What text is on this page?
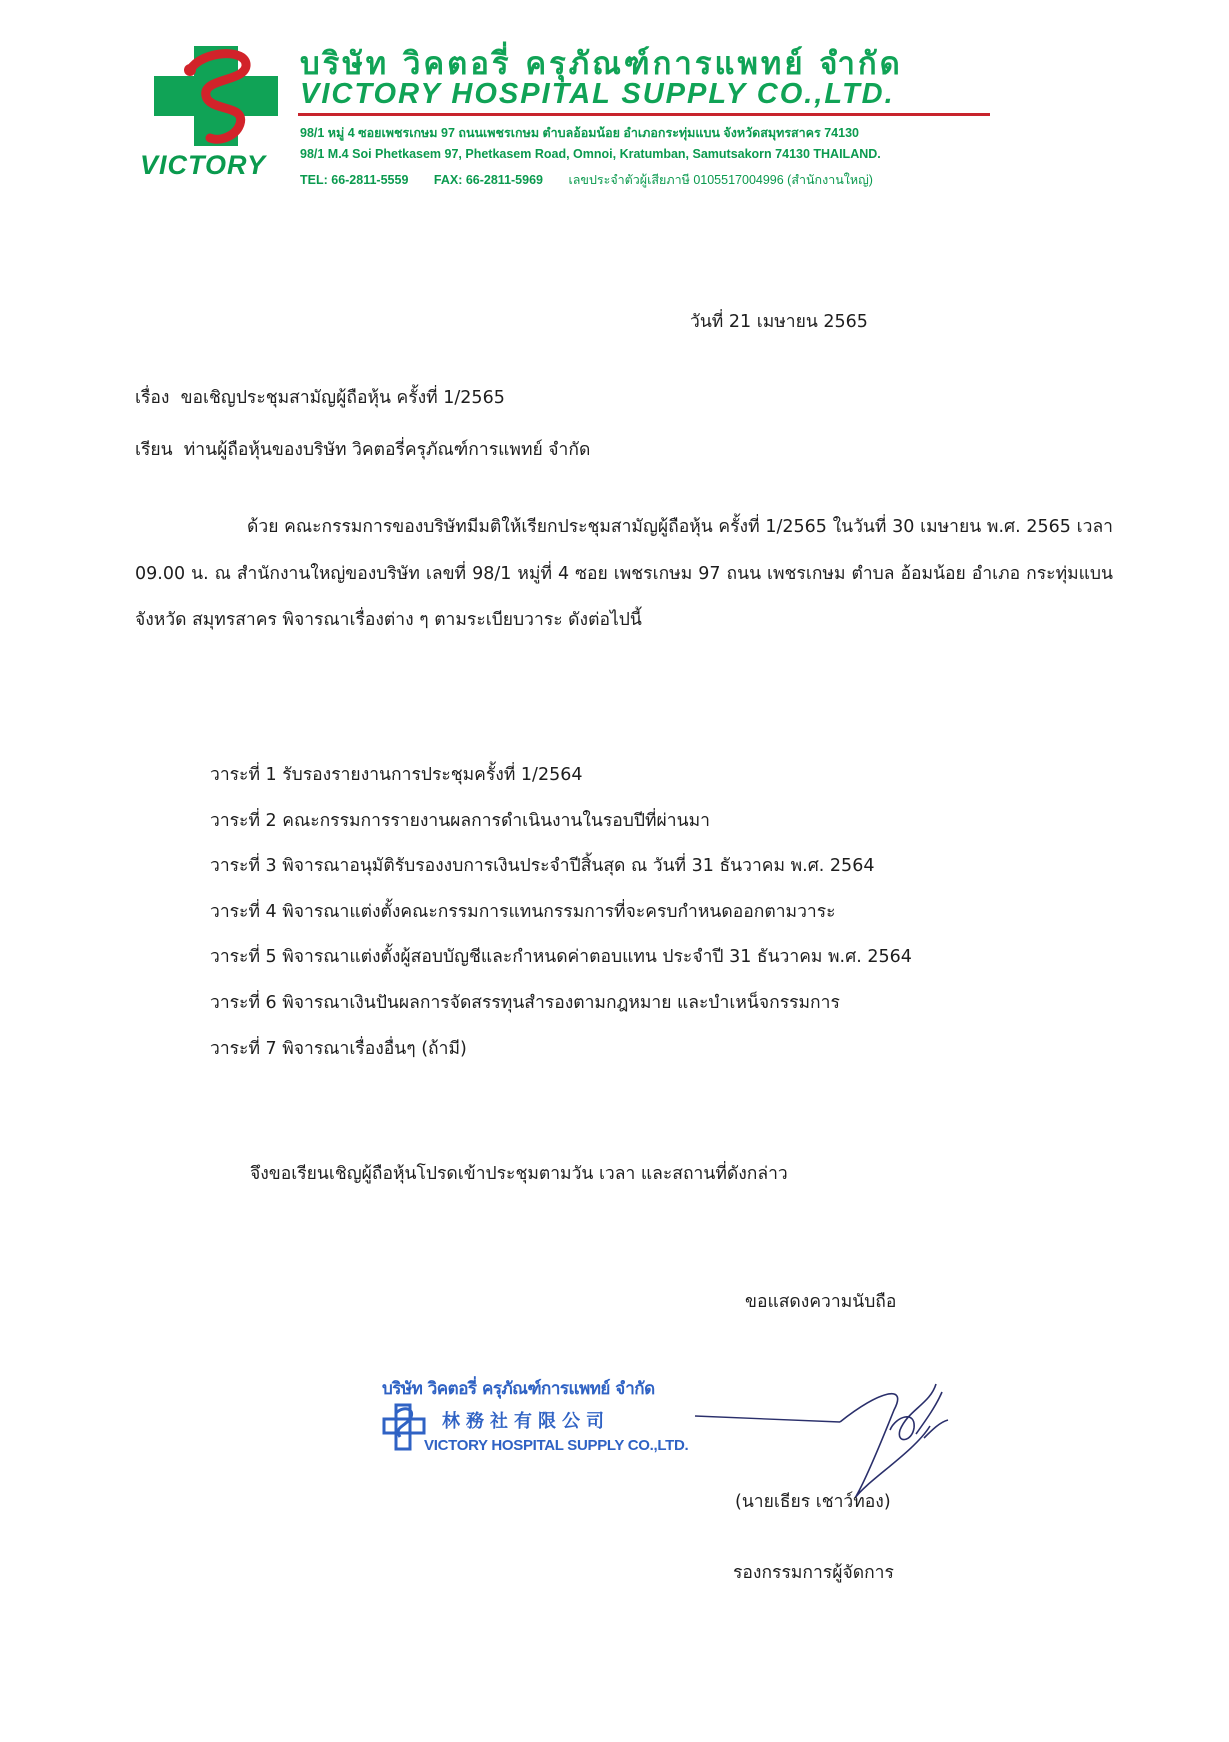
VICTORY
บริษัท วิคตอรี่ ครุภัณฑ์การแพทย์ จำกัด
VICTORY HOSPITAL SUPPLY CO.,LTD.
98/1 หมู่ 4 ซอยเพชรเกษม 97 ถนนเพชรเกษม ตำบลอ้อมน้อย อำเภอกระทุ่มแบน จังหวัดสมุทรสาคร 74130
98/1 M.4 Soi Phetkasem 97, Phetkasem Road, Omnoi, Kratumban, Samutsakorn 74130 THAILAND.
TEL: 66-2811-5559 FAX: 66-2811-5969 เลขประจำตัวผู้เสียภาษี 0105517004996 (สำนักงานใหญ่)
วันที่ 21 เมษายน 2565
เรื่อง ขอเชิญประชุมสามัญผู้ถือหุ้น ครั้งที่ 1/2565
เรียน ท่านผู้ถือหุ้นของบริษัท วิคตอรี่ครุภัณฑ์การแพทย์ จำกัด

ด้วย คณะกรรมการของบริษัทมีมติให้เรียกประชุมสามัญผู้ถือหุ้น ครั้งที่ 1/2565 ในวันที่ 30 เมษายน พ.ศ. 2565 เวลา 09.00 น. ณ สำนักงานใหญ่ของบริษัท เลขที่ 98/1 หมู่ที่ 4 ซอย เพชรเกษม 97 ถนน เพชรเกษม ตำบล อ้อมน้อย อำเภอ กระทุ่มแบน จังหวัด สมุทรสาคร พิจารณาเรื่องต่าง ๆ ตามระเบียบวาระ ดังต่อไปนี้

วาระที่ 1 รับรองรายงานการประชุมครั้งที่ 1/2564
วาระที่ 2 คณะกรรมการรายงานผลการดำเนินงานในรอบปีที่ผ่านมา
วาระที่ 3 พิจารณาอนุมัติรับรองงบการเงินประจำปีสิ้นสุด ณ วันที่ 31 ธันวาคม พ.ศ. 2564
วาระที่ 4 พิจารณาแต่งตั้งคณะกรรมการแทนกรรมการที่จะครบกำหนดออกตามวาระ
วาระที่ 5 พิจารณาแต่งตั้งผู้สอบบัญชีและกำหนดค่าตอบแทน ประจำปี 31 ธันวาคม พ.ศ. 2564
วาระที่ 6 พิจารณาเงินปันผลการจัดสรรทุนสำรองตามกฎหมาย และบำเหน็จกรรมการ
วาระที่ 7 พิจารณาเรื่องอื่นๆ (ถ้ามี)
จึงขอเรียนเชิญผู้ถือหุ้นโปรดเข้าประชุมตามวัน เวลา และสถานที่ดังกล่าว
ขอแสดงความนับถือ
บริษัท วิคตอรี่ ครุภัณฑ์การแพทย์ จำกัด
林務社有限公司
VICTORY HOSPITAL SUPPLY CO.,LTD.
(นายเธียร เชาว์ทอง)
รองกรรมการผู้จัดการ
